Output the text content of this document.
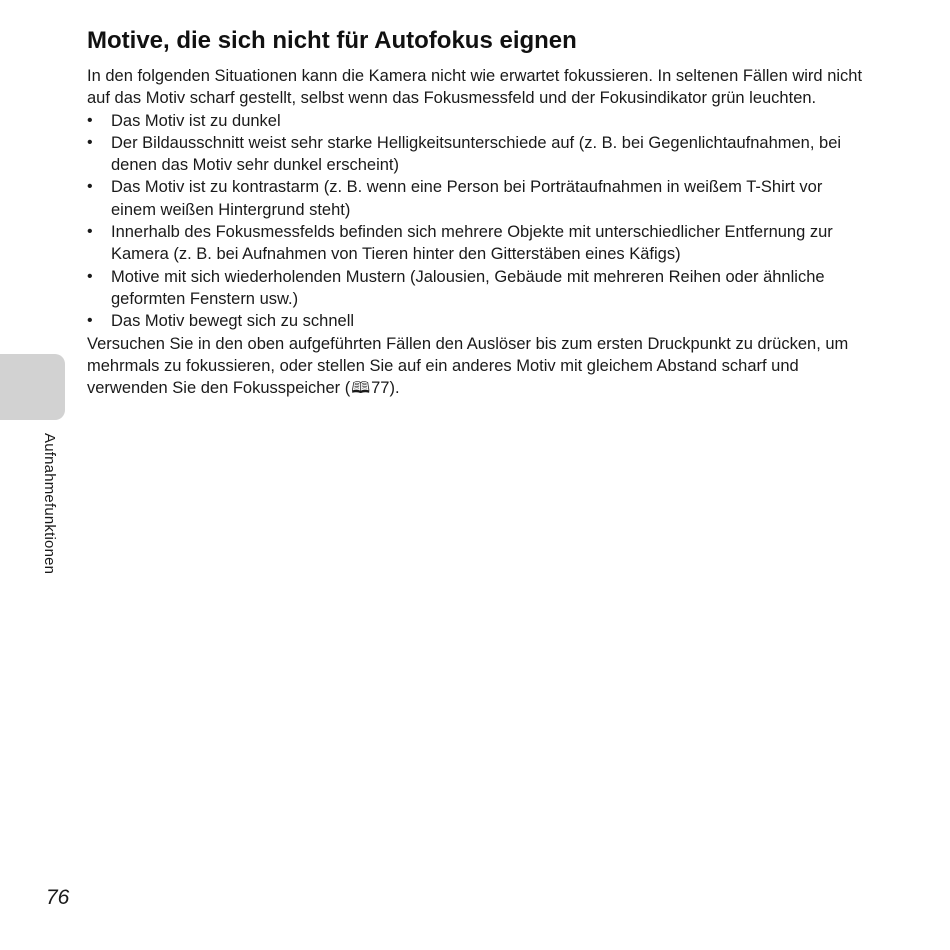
Aufnahmefunktionen
Motive, die sich nicht für Autofokus eignen

In den folgenden Situationen kann die Kamera nicht wie erwartet fokussieren. In seltenen Fällen wird nicht auf das Motiv scharf gestellt, selbst wenn das Fokusmessfeld und der Fokusindikator grün leuchten.

• Das Motiv ist zu dunkel
• Der Bildausschnitt weist sehr starke Helligkeitsunterschiede auf (z. B. bei Gegenlichtaufnahmen, bei denen das Motiv sehr dunkel erscheint)
• Das Motiv ist zu kontrastarm (z. B. wenn eine Person bei Porträtaufnahmen in weißem T-Shirt vor einem weißen Hintergrund steht)
• Innerhalb des Fokusmessfelds befinden sich mehrere Objekte mit unterschiedlicher Entfernung zur Kamera (z. B. bei Aufnahmen von Tieren hinter den Gitterstäben eines Käfigs)
• Motive mit sich wiederholenden Mustern (Jalousien, Gebäude mit mehreren Reihen oder ähnliche geformten Fenstern usw.)
• Das Motiv bewegt sich zu schnell

Versuchen Sie in den oben aufgeführten Fällen den Auslöser bis zum ersten Druckpunkt zu drücken, um mehrmals zu fokussieren, oder stellen Sie auf ein anderes Motiv mit gleichem Abstand scharf und verwenden Sie den Fokusspeicher (🕮77).

76
